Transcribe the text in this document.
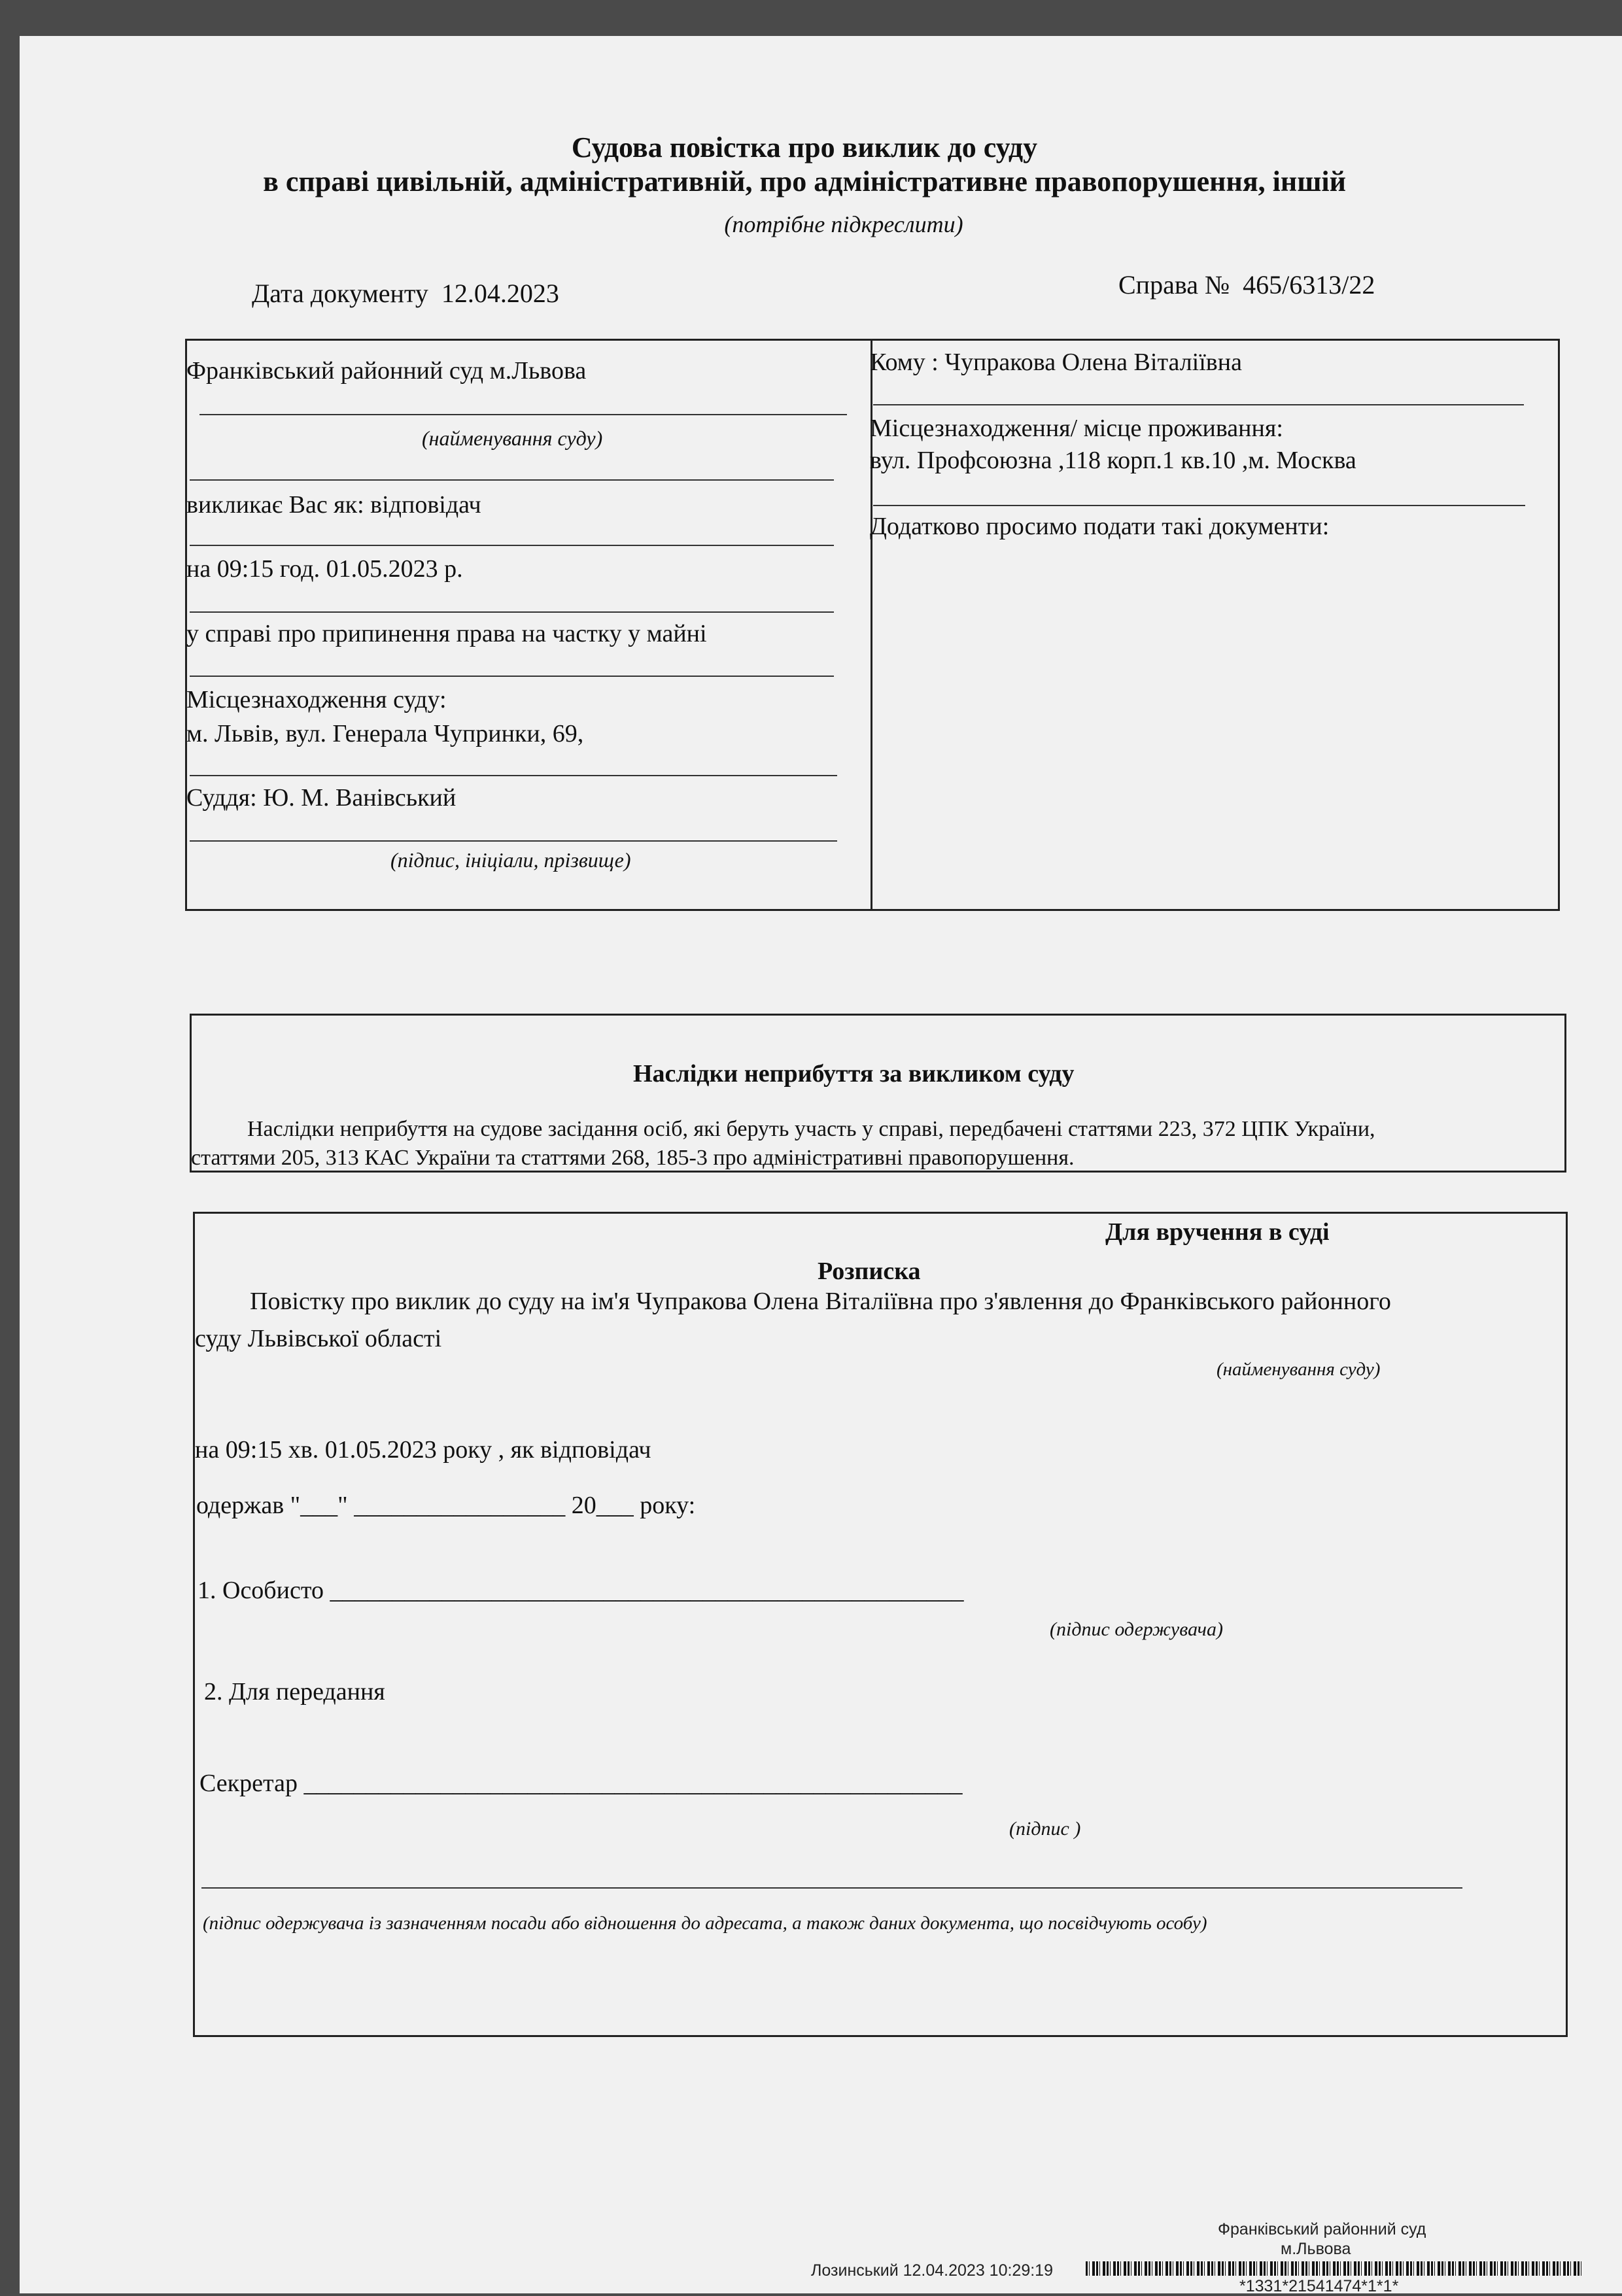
Судова повістка про виклик до суду
в справі цивільній, адміністративній, про адміністративне правопорушення, іншій
(потрібне підкреслити)
Дата документу 12.04.2023	Справа № 465/6313/22
Франківський районний суд м.Львова
(найменування суду)
викликає Вас як: відповідач
на 09:15 год. 01.05.2023 р.
у справі про припинення права на частку у майні
Місцезнаходження суду:
м. Львів, вул. Генерала Чупринки, 69,
Суддя: Ю. М. Ванівський
(підпис, ініціали, прізвище)
Кому : Чупракова Олена Віталіївна
Місцезнаходження/ місце проживання:
вул. Профсоюзна ,118 корп.1 кв.10 ,м. Москва
Додатково просимо подати такі документи:
Наслідки неприбуття за викликом суду
Наслідки неприбуття на судове засідання осіб, які беруть участь у справі, передбачені статтями 223, 372 ЦПК України,
статтями 205, 313 КАС України та статтями 268, 185-3 про адміністративні правопорушення.
Для вручення в суді
Розписка
Повістку про виклик до суду на ім'я Чупракова Олена Віталіївна про з'явлення до Франківського районного
суду Львівської області
(найменування суду)
на 09:15 хв. 01.05.2023 року , як відповідач
одержав "___" _________________ 20___ року:
1. Особисто ___________________________________________________
(підпис одержувача)
2. Для передання
Секретар _____________________________________________________
(підпис )
(підпис одержувача із зазначенням посади або відношення до адресата, а також даних документа, що посвідчують особу)
Франківський районний суд
м.Львова
Лозинський 12.04.2023 10:29:19
*1331*21541474*1*1*
